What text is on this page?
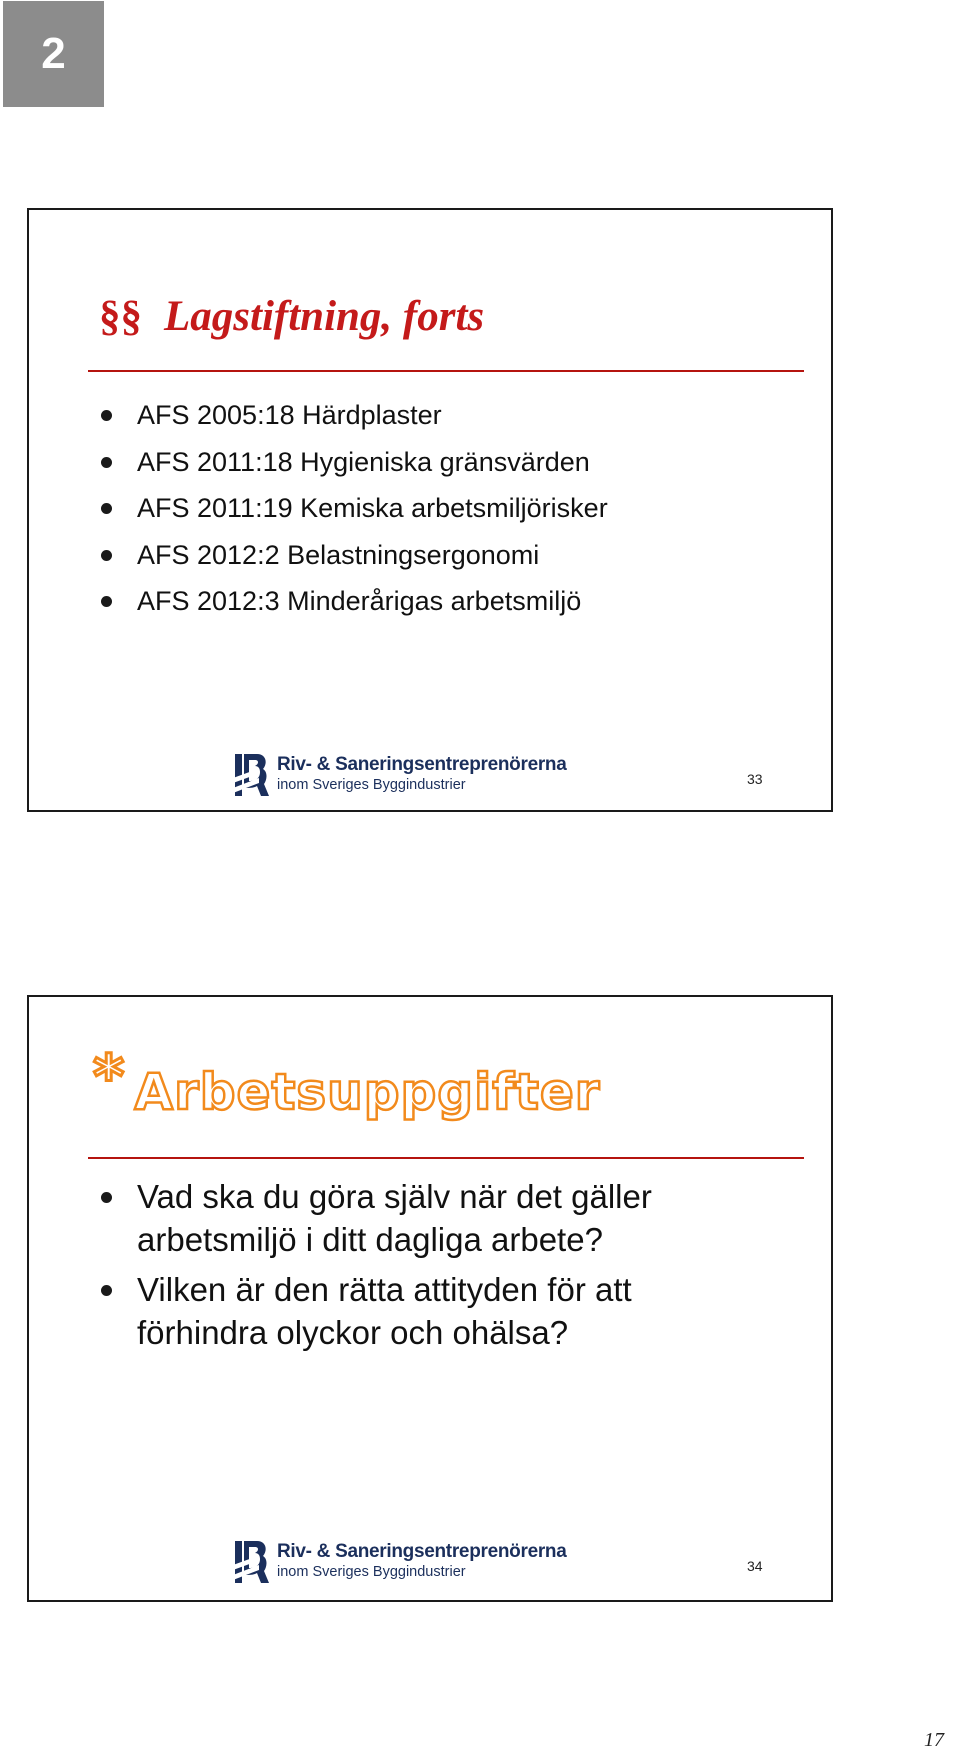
2
§§ Lagstiftning, forts
AFS 2005:18 Härdplaster
AFS 2011:18 Hygieniska gränsvärden
AFS 2011:19 Kemiska arbetsmiljörisker
AFS 2012:2 Belastningsergonomi
AFS 2012:3 Minderårigas arbetsmiljö
Riv- & Saneringsentreprenörerna
inom Sveriges Byggindustrier	33
* Arbetsuppgifter
Vad ska du göra själv när det gäller arbetsmiljö i ditt dagliga arbete?
Vilken är den rätta attityden för att förhindra olyckor och ohälsa?
Riv- & Saneringsentreprenörerna
inom Sveriges Byggindustrier	34
17
